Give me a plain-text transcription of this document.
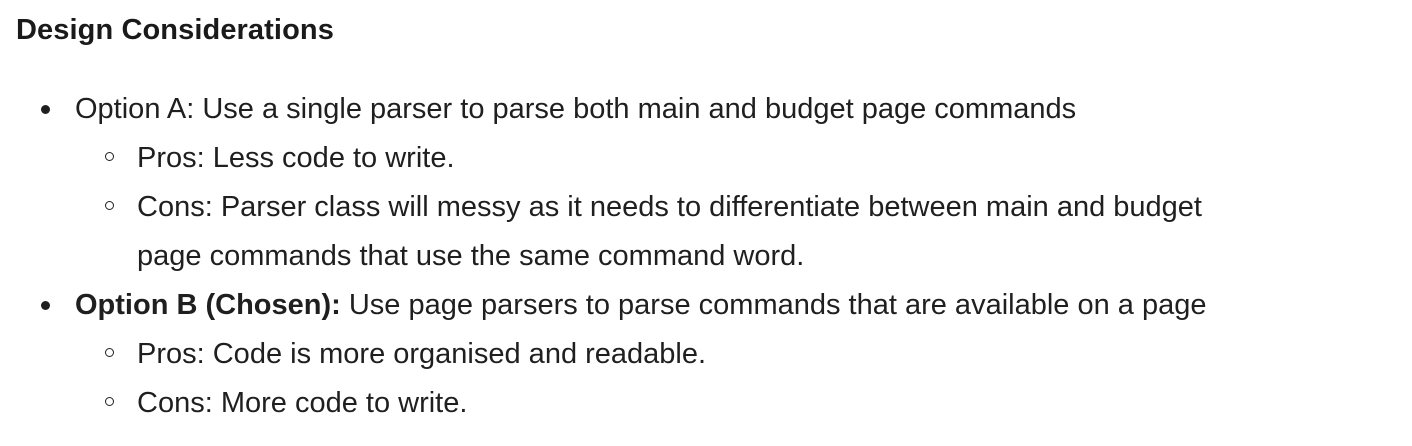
Design Considerations
Option A: Use a single parser to parse both main and budget page commands
Pros: Less code to write.
Cons: Parser class will messy as it needs to differentiate between main and budget
page commands that use the same command word.
Option B (Chosen): Use page parsers to parse commands that are available on a page
Pros: Code is more organised and readable.
Cons: More code to write.
